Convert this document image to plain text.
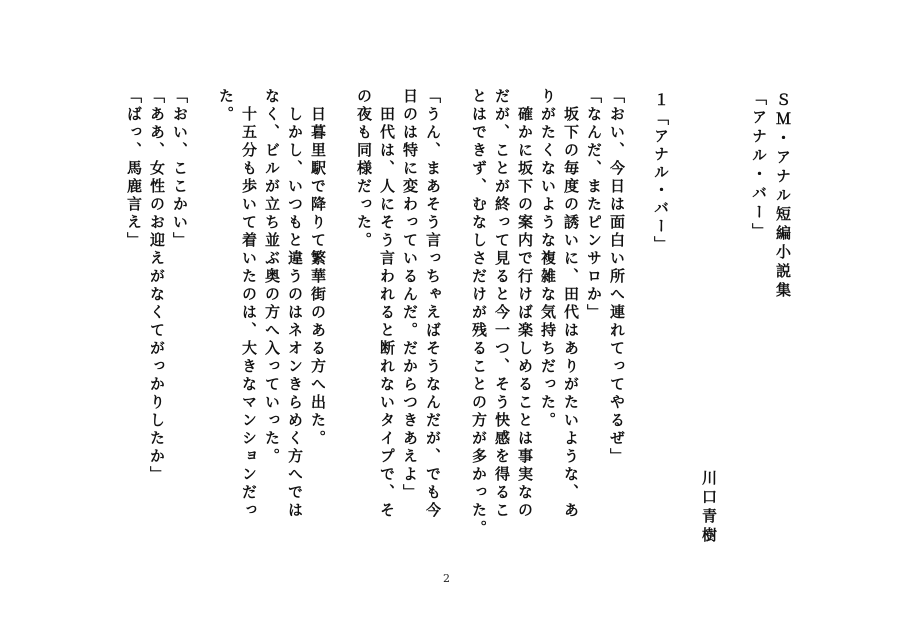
ＳＭ・アナル短編小説集
「アナル・バー」
川口青樹
１「アナル・バー」
「おい、今日は面白い所へ連れてってやるぜ」
「なんだ、またピンサロか」
　坂下の毎度の誘いに、田代はありがたいような、あ
りがたくないような複雑な気持ちだった。
　確かに坂下の案内で行けば楽しめることは事実なの
だが、ことが終って見ると今一つ、そう快感を得るこ
とはできず、むなしさだけが残ることの方が多かった。
「うん、まあそう言っちゃえばそうなんだが、でも今
日のは特に変わっているんだ。だからつきあえよ」
　田代は、人にそう言われると断れないタイプで、そ
の夜も同様だった。
　日暮里駅で降りて繁華街のある方へ出た。
　しかし、いつもと違うのはネオンきらめく方へでは
なく、ビルが立ち並ぶ奥の方へ入っていった。
　十五分も歩いて着いたのは、大きなマンションだっ
た。
「おい、ここかい」
「ああ、女性のお迎えがなくてがっかりしたか」
「ばっ、馬鹿言え」
2
